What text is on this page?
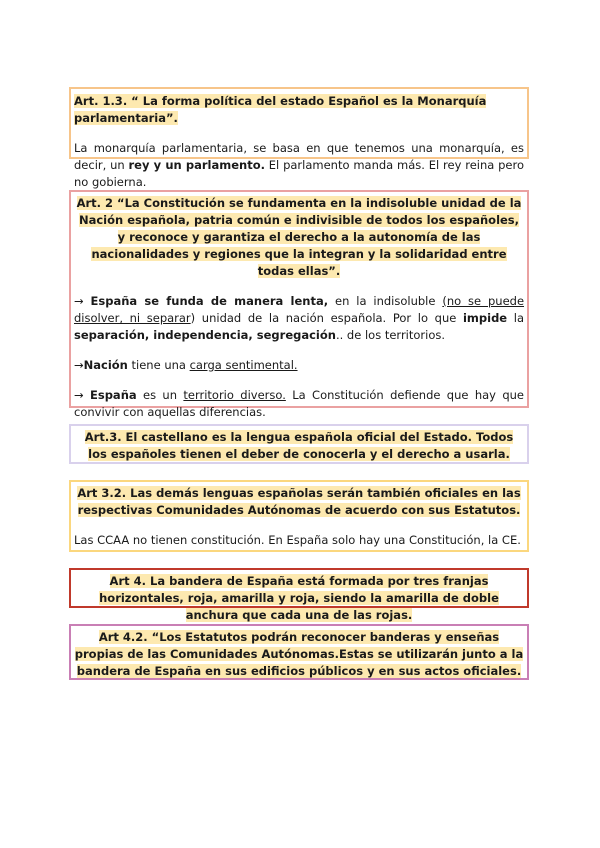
Art. 1.3. “ La forma política del estado Español es la Monarquía parlamentaria”.

La monarquía parlamentaria, se basa en que tenemos una monarquía, es decir, un rey y un parlamento. El parlamento manda más. El rey reina pero no gobierna.

Art. 2 “La Constitución se fundamenta en la indisoluble unidad de la Nación española, patria común e indivisible de todos los españoles, y reconoce y garantiza el derecho a la autonomía de las nacionalidades y regiones que la integran y la solidaridad entre todas ellas”.

→ España se funda de manera lenta, en la indisoluble (no se puede disolver, ni separar) unidad de la nación española. Por lo que impide la separación, independencia, segregación.. de los territorios.

→Nación tiene una carga sentimental.

→ España es un territorio diverso. La Constitución defiende que hay que convivir con aquellas diferencias.

Art.3. El castellano es la lengua española oficial del Estado. Todos los españoles tienen el deber de conocerla y el derecho a usarla.
Art 3.2. Las demás lenguas españolas serán también oficiales en las respectivas Comunidades Autónomas de acuerdo con sus Estatutos.

Las CCAA no tienen constitución. En España solo hay una Constitución, la CE.

Art 4. La bandera de España está formada por tres franjas horizontales, roja, amarilla y roja, siendo la amarilla de doble anchura que cada una de las rojas.
Art 4.2. “Los Estatutos podrán reconocer banderas y enseñas propias de las Comunidades Autónomas.Estas se utilizarán junto a la bandera de España en sus edificios públicos y en sus actos oficiales.
